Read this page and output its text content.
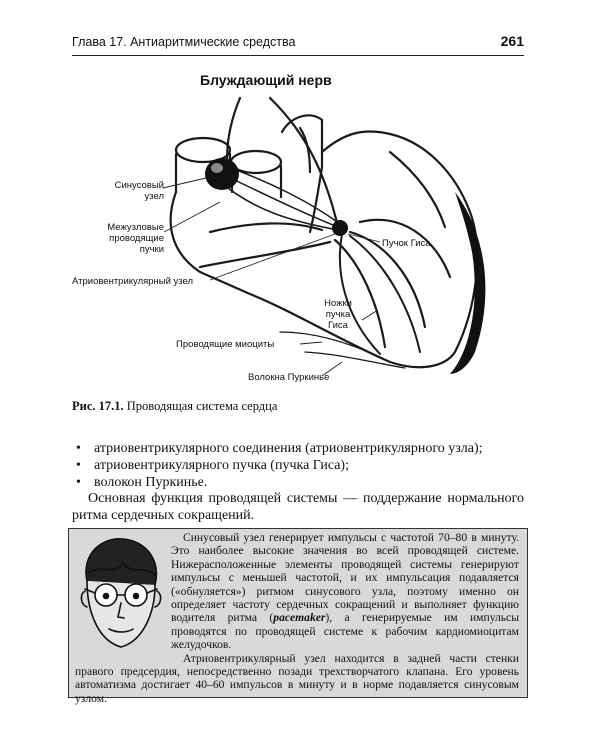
Глава 17. Антиаритмические средства	261
Блуждающий нерв
Синусовый
узел
Межузловые
проводящие
пучки
Атриовентрикулярный узел
Пучок Гиса
Ножки
пучка
Гиса
Проводящие миоциты
Волокна Пуркинье
Рис. 17.1. Проводящая система сердца
• атриовентрикулярного соединения (атриовентрикулярного узла);
• атриовентрикулярного пучка (пучка Гиса);
• волокон Пуркинье.
Основная функция проводящей системы — поддержание нормального ритма сердечных сокращений.

Синусовый узел генерирует импульсы с частотой 70–80 в минуту. Это наиболее высокие значения во всей проводящей системе. Нижерасположенные элементы проводящей системы генерируют импульсы с меньшей частотой, и их импульсация подавляется («обнуляется») ритмом синусового узла, поэтому именно он определяет частоту сердечных сокращений и выполняет функцию водителя ритма (pacemaker), а генерируемые им импульсы проводятся по проводящей системе к рабочим кардиомиоцитам желудочков.

Атриовентрикулярный узел находится в задней части стенки правого предсердия, непосредственно позади трехстворчатого клапана. Его уровень автоматизма достигает 40–60 импульсов в минуту и в норме подавляется синусовым узлом.
